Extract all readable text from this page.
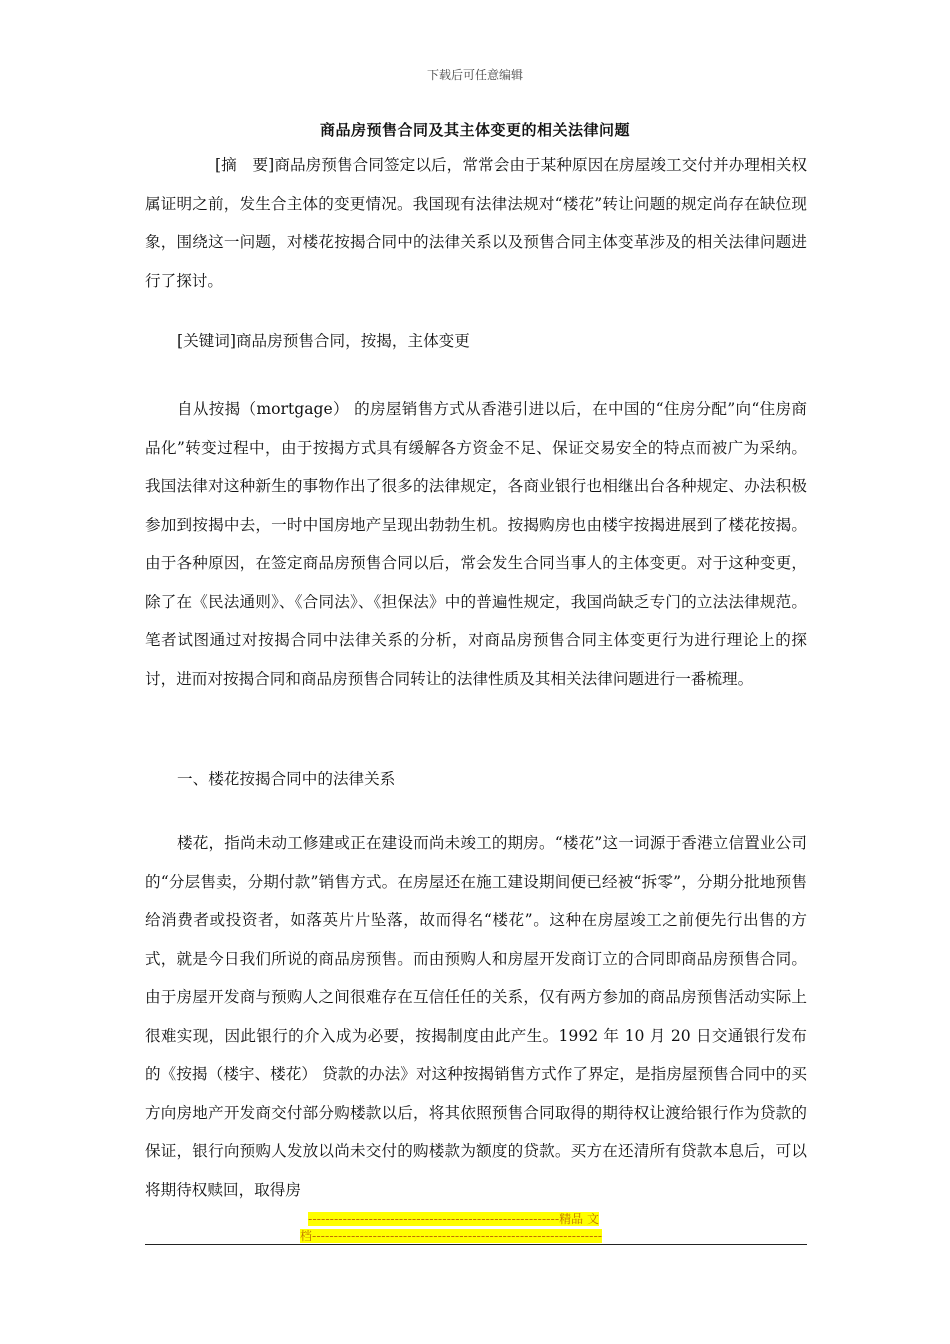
下载后可任意编辑
商品房预售合同及其主体变更的相关法律问题
[摘　要]商品房预售合同签定以后，常常会由于某种原因在房屋竣工交付并办理相关权属证明之前，发生合主体的变更情况。我国现有法律法规对“楼花”转让问题的规定尚存在缺位现象，围绕这一问题，对楼花按揭合同中的法律关系以及预售合同主体变革涉及的相关法律问题进行了探讨。
[关键词]商品房预售合同，按揭，主体变更
自从按揭（mortgage） 的房屋销售方式从香港引进以后，在中国的“住房分配”向“住房商品化”转变过程中，由于按揭方式具有缓解各方资金不足、保证交易安全的特点而被广为采纳。我国法律对这种新生的事物作出了很多的法律规定，各商业银行也相继出台各种规定、办法积极参加到按揭中去，一时中国房地产呈现出勃勃生机。按揭购房也由楼宇按揭进展到了楼花按揭。由于各种原因，在签定商品房预售合同以后，常会发生合同当事人的主体变更。对于这种变更，除了在《民法通则》、《合同法》、《担保法》中的普遍性规定，我国尚缺乏专门的立法法律规范。笔者试图通过对按揭合同中法律关系的分析，对商品房预售合同主体变更行为进行理论上的探讨，进而对按揭合同和商品房预售合同转让的法律性质及其相关法律问题进行一番梳理。
一、楼花按揭合同中的法律关系
楼花，指尚未动工修建或正在建设而尚未竣工的期房。“楼花”这一词源于香港立信置业公司的“分层售卖，分期付款”销售方式。在房屋还在施工建设期间便已经被“拆零”，分期分批地预售给消费者或投资者，如落英片片坠落，故而得名“楼花”。这种在房屋竣工之前便先行出售的方式，就是今日我们所说的商品房预售。而由预购人和房屋开发商订立的合同即商品房预售合同。由于房屋开发商与预购人之间很难存在互信任任的关系，仅有两方参加的商品房预售活动实际上很难实现，因此银行的介入成为必要，按揭制度由此产生。1992 年 10 月 20 日交通银行发布的《按揭（楼宇、楼花） 贷款的办法》对这种按揭销售方式作了界定，是指房屋预售合同中的买方向房地产开发商交付部分购楼款以后，将其依照预售合同取得的期待权让渡给银行作为贷款的保证，银行向预购人发放以尚未交付的购楼款为额度的贷款。买方在还清所有贷款本息后，可以将期待权赎回，取得房
----------------------------------------------------------精品 文
档-------------------------------------------------------------------
